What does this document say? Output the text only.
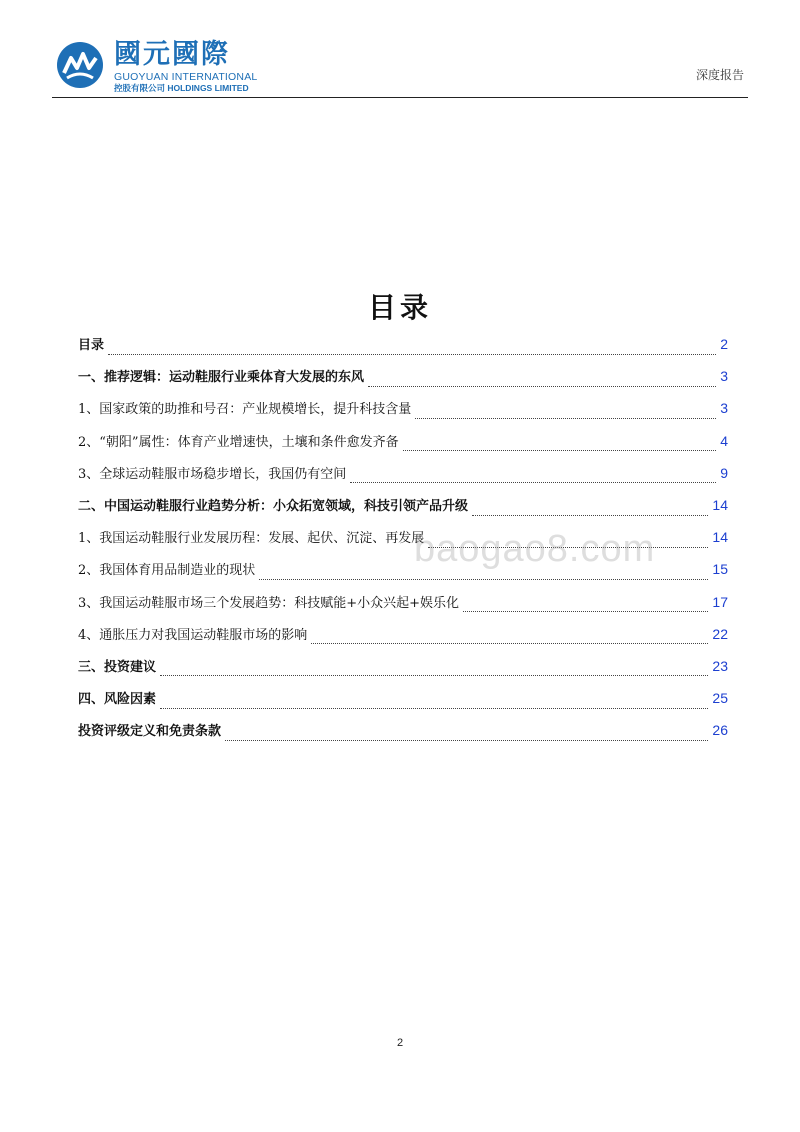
國元國際
GUOYUAN INTERNATIONAL
控股有限公司 HOLDINGS LIMITED
深度报告
目录
目录	2
一、推荐逻辑：运动鞋服行业乘体育大发展的东风	3
1、国家政策的助推和号召：产业规模增长，提升科技含量	3
2、“朝阳”属性：体育产业增速快，土壤和条件愈发齐备	4
3、全球运动鞋服市场稳步增长，我国仍有空间	9
二、中国运动鞋服行业趋势分析：小众拓宽领域，科技引领产品升级	14
1、我国运动鞋服行业发展历程：发展、起伏、沉淀、再发展	14
2、我国体育用品制造业的现状	15
3、我国运动鞋服市场三个发展趋势：科技赋能+小众兴起+娱乐化	17
4、通胀压力对我国运动鞋服市场的影响	22
三、投资建议	23
四、风险因素	25
投资评级定义和免责条款	26
baogao8.com
2
